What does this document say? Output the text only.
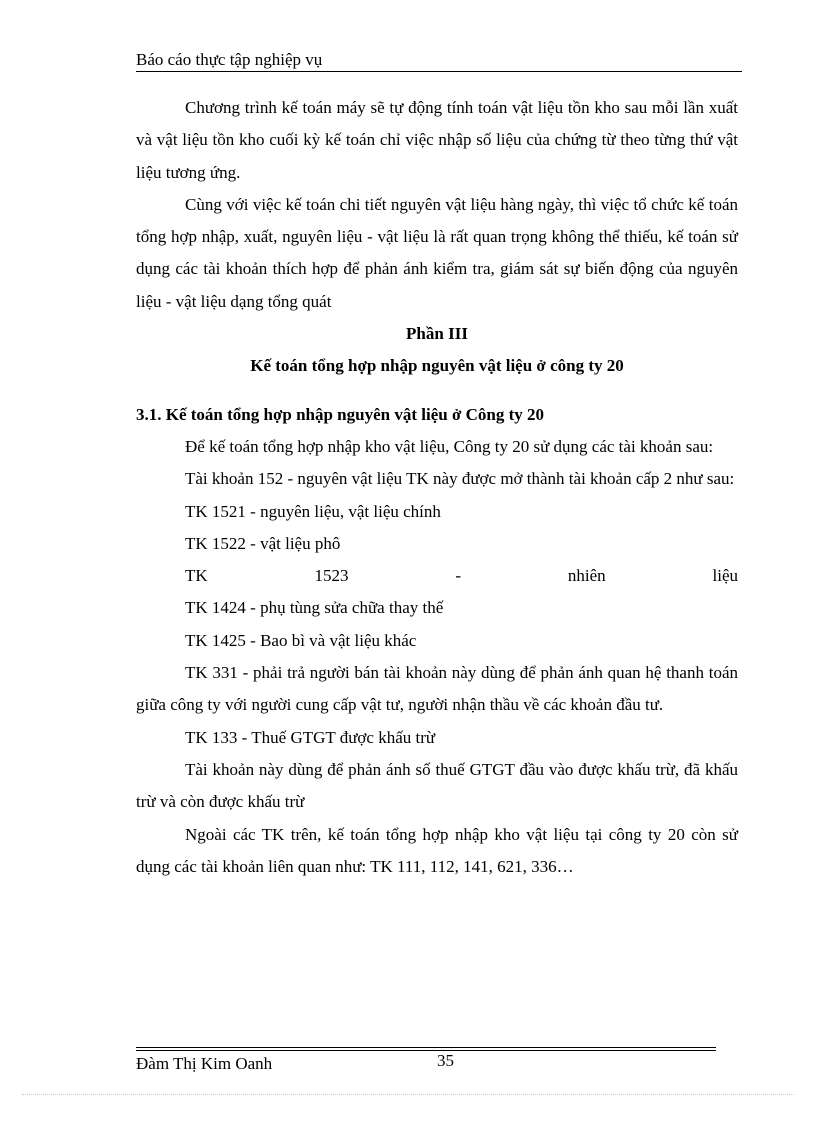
Báo cáo thực tập nghiệp vụ

Chương trình kế toán máy sẽ tự động tính toán vật liệu tồn kho sau mỗi lần xuất và vật liệu tồn kho cuối kỳ kế toán chỉ việc nhập số liệu của chứng từ theo từng thứ vật liệu tương ứng.

Cùng với việc kế toán chi tiết nguyên vật liệu hàng ngày, thì việc tổ chức kế toán tổng hợp nhập, xuất, nguyên liệu - vật liệu là rất quan trọng không thể thiếu, kế toán sử dụng các tài khoản thích hợp để phản ánh kiểm tra, giám sát sự biến động của nguyên liệu - vật liệu dạng tổng quát

Phần III

Kế toán tổng hợp nhập nguyên vật liệu ở công ty 20

3.1. Kế toán tổng hợp nhập nguyên vật liệu ở Công ty 20

Để kế toán tổng hợp nhập kho vật liệu, Công ty 20 sử dụng các tài khoản sau:

Tài khoản 152 - nguyên vật liệu TK này được mở thành tài khoản cấp 2 như sau:

TK 1521 - nguyên liệu, vật liệu chính

TK 1522 - vật liệu phô

TK	1523	-	nhiên	liệu

TK 1424 - phụ tùng sửa chữa thay thế

TK 1425 - Bao bì và vật liệu khác

TK 331 - phải trả người bán tài khoản này dùng để phản ánh quan hệ thanh toán giữa công ty với người cung cấp vật tư, người nhận thầu về các khoản đầu tư.

TK 133 - Thuế GTGT được khấu trừ

Tài khoản này dùng để phản ánh số thuế GTGT đầu vào được khấu trừ, đã khấu trừ và còn được khấu trừ

Ngoài các TK trên, kế toán tổng hợp nhập kho vật liệu tại công ty 20 còn sử dụng các tài khoản liên quan như: TK 111, 112, 141, 621, 336…

Đàm Thị Kim Oanh	35
